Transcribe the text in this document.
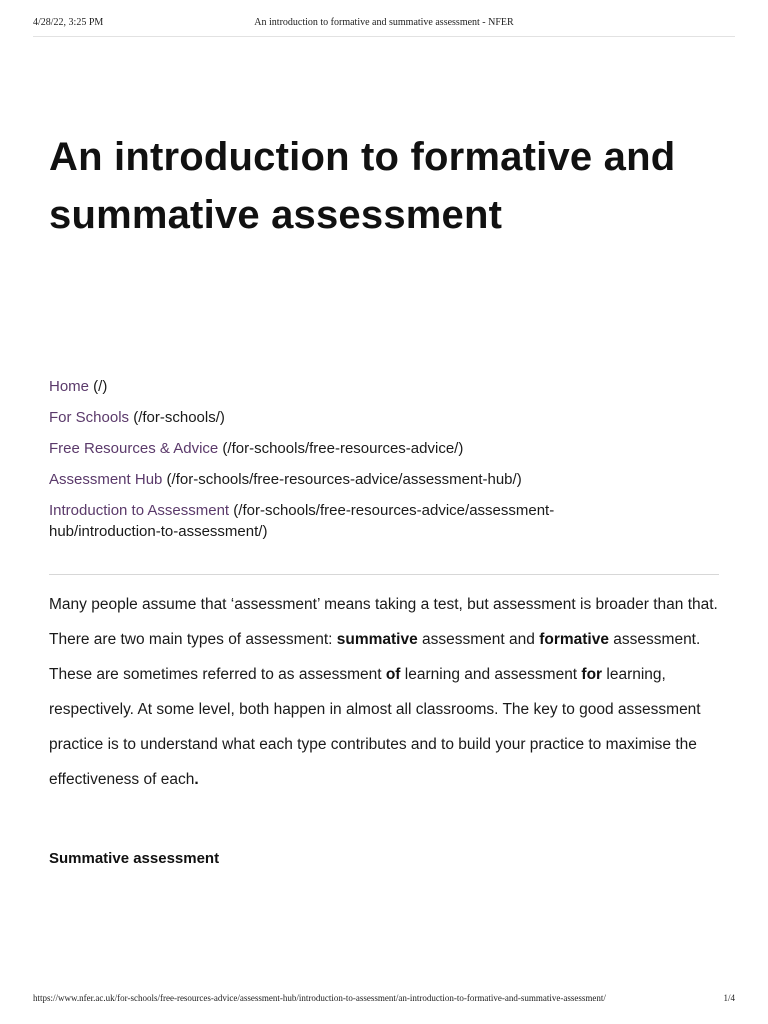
4/28/22, 3:25 PM	An introduction to formative and summative assessment - NFER
An introduction to formative and summative assessment
Home (/)
For Schools (/for-schools/)
Free Resources & Advice (/for-schools/free-resources-advice/)
Assessment Hub (/for-schools/free-resources-advice/assessment-hub/)
Introduction to Assessment (/for-schools/free-resources-advice/assessment-hub/introduction-to-assessment/)

Many people assume that ‘assessment’ means taking a test, but assessment is broader than that. There are two main types of assessment: summative assessment and formative assessment. These are sometimes referred to as assessment of learning and assessment for learning, respectively. At some level, both happen in almost all classrooms. The key to good assessment practice is to understand what each type contributes and to build your practice to maximise the effectiveness of each.

Summative assessment
https://www.nfer.ac.uk/for-schools/free-resources-advice/assessment-hub/introduction-to-assessment/an-introduction-to-formative-and-summative-assessment/	1/4
